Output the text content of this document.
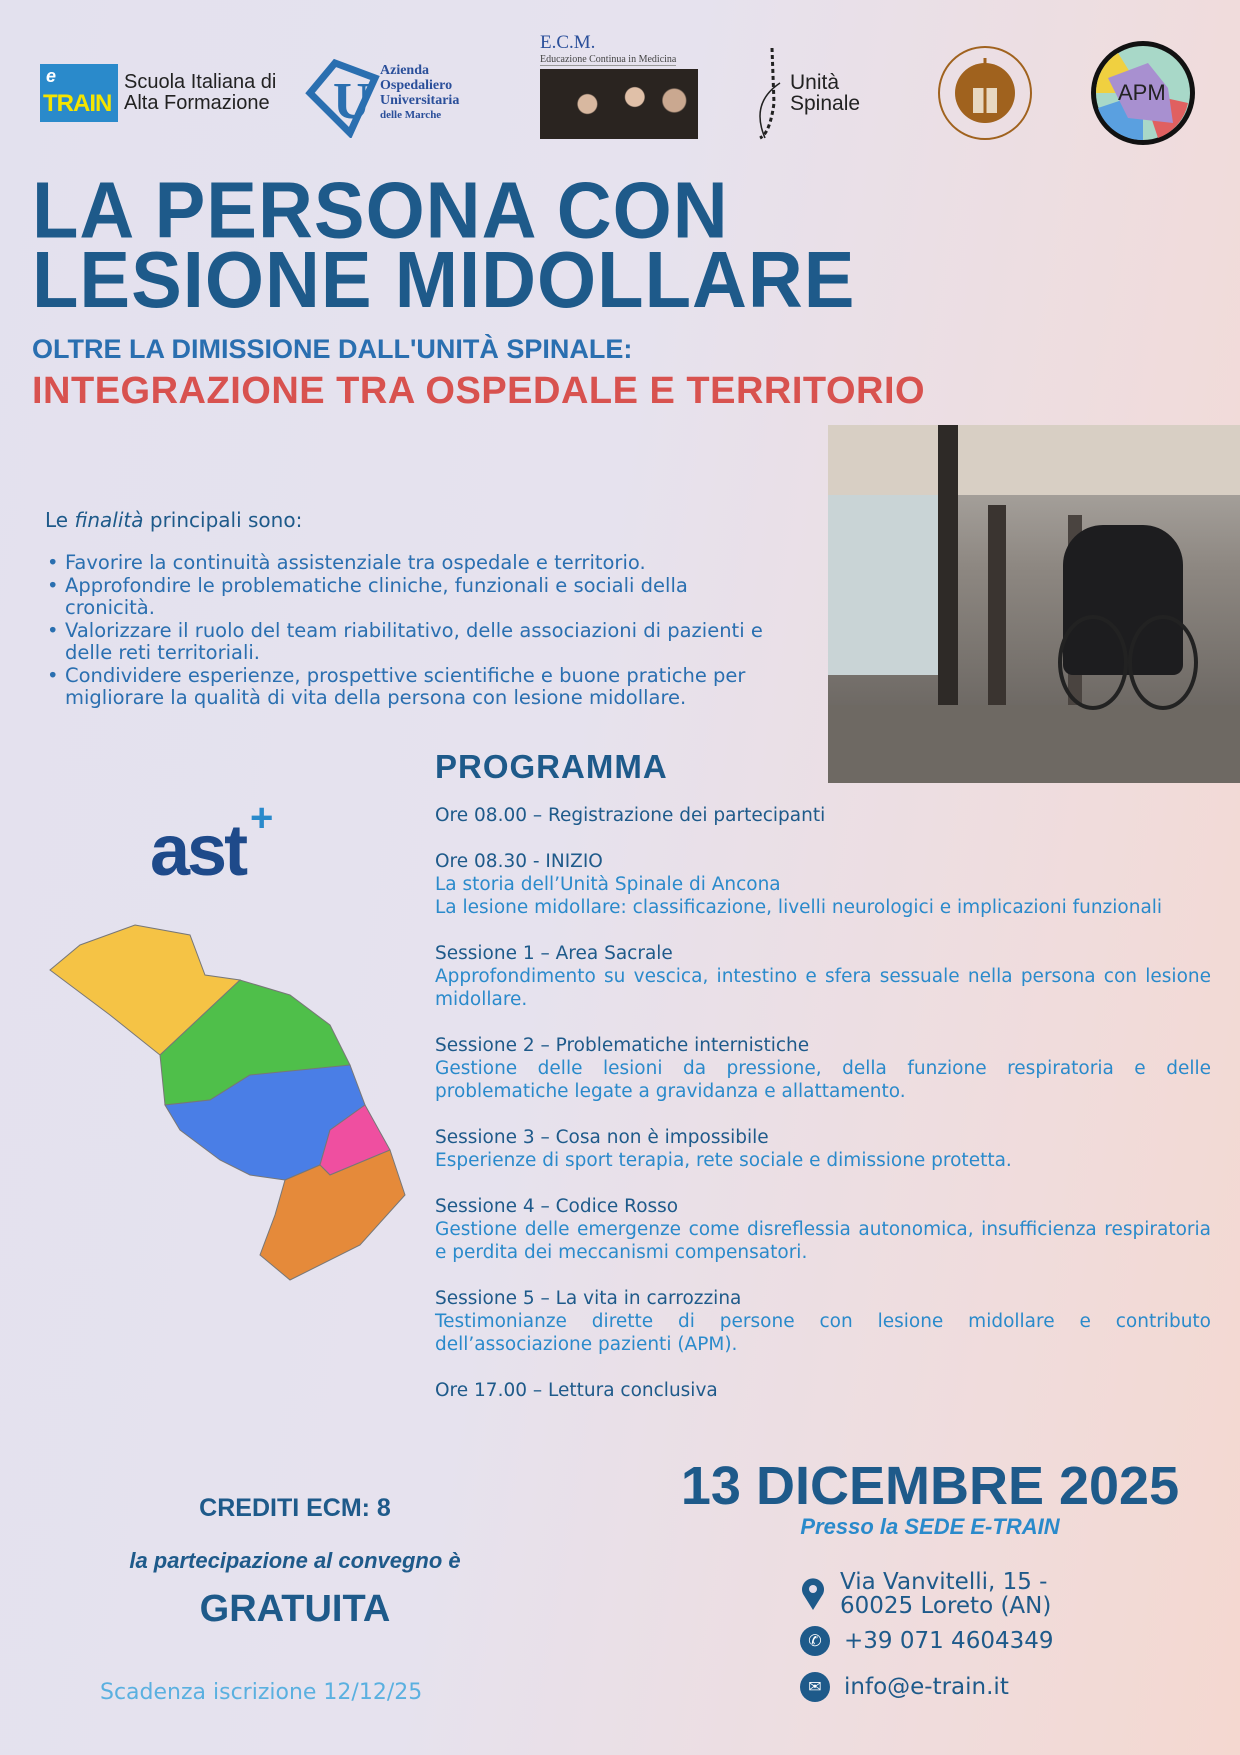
e
TRAIN
Scuola Italiana di
Alta Formazione U
Azienda
Ospedaliero
Universitaria
delle Marche
E.C.M.
Educazione Continua in Medicina
Unità
Spinale	APM
LA PERSONA CON
LESIONE MIDOLLARE
OLTRE LA DIMISSIONE DALL'UNITÀ SPINALE:
INTEGRAZIONE TRA OSPEDALE E TERRITORIO
Le finalità principali sono:
• Favorire la continuità assistenziale tra ospedale e territorio.
• Approfondire le problematiche cliniche, funzionali e sociali della cronicità.
• Valorizzare il ruolo del team riabilitativo, delle associazioni di pazienti e delle reti territoriali.
• Condividere esperienze, prospettive scientifiche e buone pratiche per migliorare la qualità di vita della persona con lesione midollare.
PROGRAMMA
Ore 08.00 – Registrazione dei partecipanti
Ore 08.30 - INIZIO
La storia dell’Unità Spinale di Ancona
La lesione midollare: classificazione, livelli neurologici e implicazioni funzionali
Sessione 1 – Area Sacrale
Approfondimento su vescica, intestino e sfera sessuale nella persona con lesione midollare.
Sessione 2 – Problematiche internistiche
Gestione delle lesioni da pressione, della funzione respiratoria e delle problematiche legate a gravidanza e allattamento.
Sessione 3 – Cosa non è impossibile
Esperienze di sport terapia, rete sociale e dimissione protetta.
Sessione 4 – Codice Rosso
Gestione delle emergenze come disreflessia autonomica, insufficienza respiratoria e perdita dei meccanismi compensatori.
Sessione 5 – La vita in carrozzina
Testimonianze dirette di persone con lesione midollare e contributo dell’associazione pazienti (APM).
Ore 17.00 – Lettura conclusiva
ast +
CREDITI ECM: 8
la partecipazione al convegno è
GRATUITA
Scadenza iscrizione 12/12/25
13 DICEMBRE 2025
Presso la SEDE E-TRAIN
Via Vanvitelli, 15 -
60025 Loreto (AN)
✆ +39 071 4604349
✉ info@e-train.it
